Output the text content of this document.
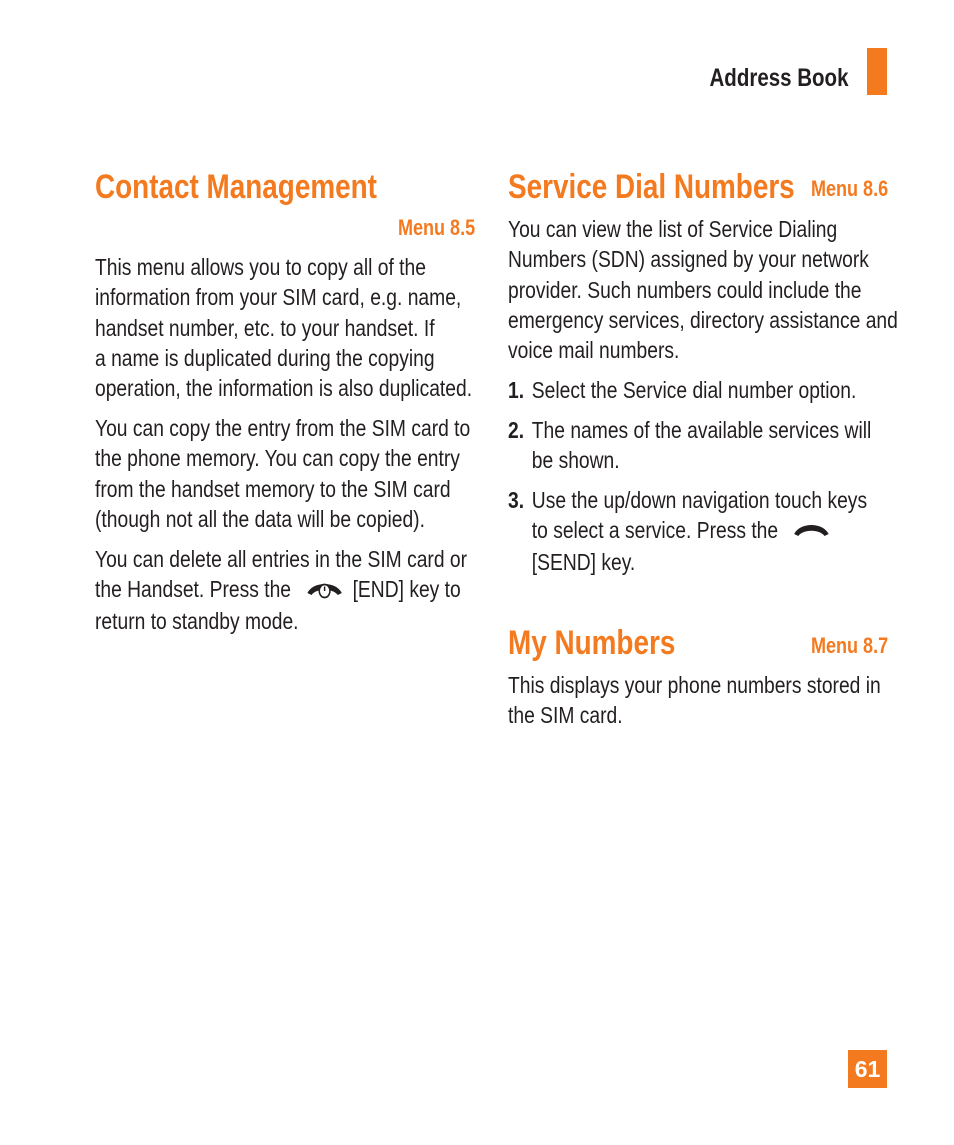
Address Book
Contact Management
Menu 8.5
This menu allows you to copy all of the
information from your SIM card, e.g. name,
handset number, etc. to your handset. If
a name is duplicated during the copying
operation, the information is also duplicated.
You can copy the entry from the SIM card to
the phone memory. You can copy the entry
from the handset memory to the SIM card
(though not all the data will be copied).
You can delete all entries in the SIM card or
the Handset. Press the	[END] key to
return to standby mode.
Service Dial Numbers Menu 8.6
You can view the list of Service Dialing
Numbers (SDN) assigned by your network
provider. Such numbers could include the
emergency services, directory assistance and
voice mail numbers.
1. Select the Service dial number option.
2. The names of the available services will
be shown.
3. Use the up/down navigation touch keys
to select a service. Press the
[SEND] key.
My Numbers	Menu 8.7
This displays your phone numbers stored in
the SIM card.
61
